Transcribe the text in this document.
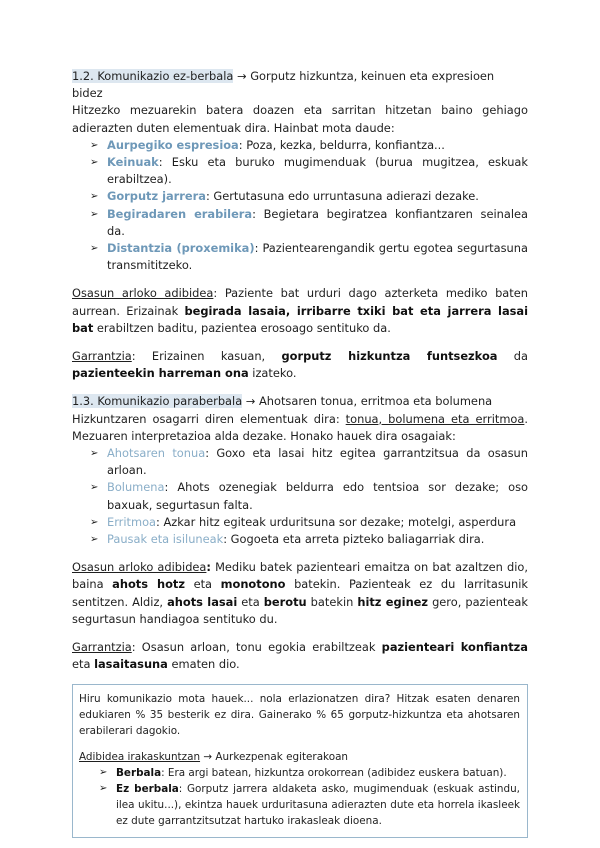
1.2. Komunikazio ez-berbala → Gorputz hizkuntza, keinuen eta expresioen bidez

Hitzezko mezuarekin batera doazen eta sarritan hitzetan baino gehiago adierazten duten elementuak dira. Hainbat mota daude:

➢ Aurpegiko espresioa: Poza, kezka, beldurra, konfiantza...
➢ Keinuak: Esku eta buruko mugimenduak (burua mugitzea, eskuak erabiltzea).
➢ Gorputz jarrera: Gertutasuna edo urruntasuna adierazi dezake.
➢ Begiradaren erabilera: Begietara begiratzea konfiantzaren seinalea da.
➢ Distantzia (proxemika): Pazientearengandik gertu egotea segurtasuna transmititzeko.

Osasun arloko adibidea: Paziente bat urduri dago azterketa mediko baten aurrean. Erizainak begirada lasaia, irribarre txiki bat eta jarrera lasai bat erabiltzen baditu, pazientea erosoago sentituko da.

Garrantzia: Erizainen kasuan, gorputz hizkuntza funtsezkoa da pazienteekin harreman ona izateko.

1.3. Komunikazio paraberbala → Ahotsaren tonua, erritmoa eta bolumena

Hizkuntzaren osagarri diren elementuak dira: tonua, bolumena eta erritmoa. Mezuaren interpretazioa alda dezake. Honako hauek dira osagaiak:

➢ Ahotsaren tonua: Goxo eta lasai hitz egitea garrantzitsua da osasun arloan.
➢ Bolumena: Ahots ozenegiak beldurra edo tentsioa sor dezake; oso baxuak, segurtasun falta.
➢ Erritmoa: Azkar hitz egiteak urduritsuna sor dezake; motelgi, asperdura
➢ Pausak eta isiluneak: Gogoeta eta arreta pizteko baliagarriak dira.

Osasun arloko adibidea: Mediku batek pazienteari emaitza on bat azaltzen dio, baina ahots hotz eta monotono batekin. Pazienteak ez du larritasunik sentitzen. Aldiz, ahots lasai eta berotu batekin hitz eginez gero, pazienteak segurtasun handiagoa sentituko du.

Garrantzia: Osasun arloan, tonu egokia erabiltzeak pazienteari konfiantza eta lasaitasuna ematen dio.

Hiru komunikazio mota hauek... nola erlazionatzen dira? Hitzak esaten denaren edukiaren % 35 besterik ez dira. Gainerako % 65 gorputz-hizkuntza eta ahotsaren erabilerari dagokio.

Adibidea irakaskuntzan → Aurkezpenak egiterakoan

➢ Berbala: Era argi batean, hizkuntza orokorrean (adibidez euskera batuan).
➢ Ez berbala: Gorputz jarrera aldaketa asko, mugimenduak (eskuak astindu, ilea ukitu...), ekintza hauek urduritasuna adierazten dute eta horrela ikasleek ez dute garrantzitsutzat hartuko irakasleak dioena.
